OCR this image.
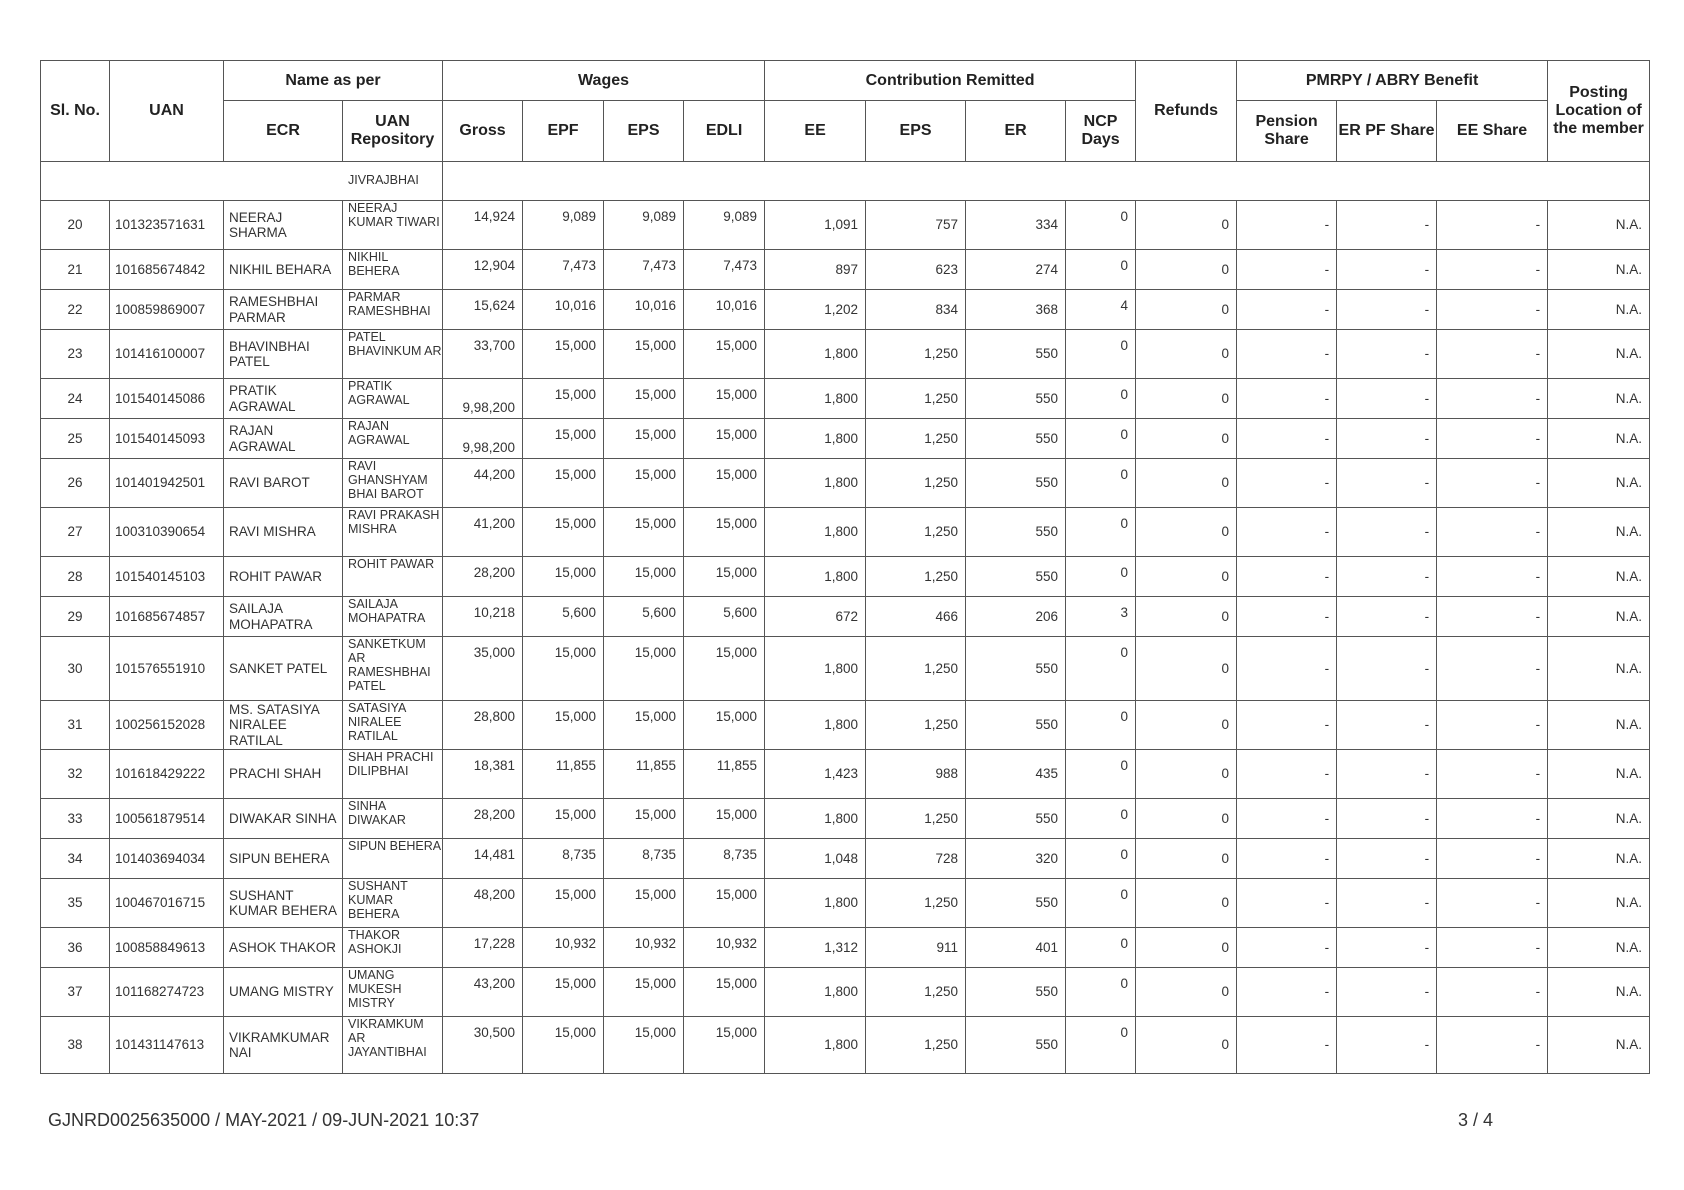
Sl. No.	UAN	Name as per		Wages				Contribution Remitted				Refunds	PMRPY / ABRY Benefit			Posting Location of the member
		ECR	UAN Repository	Gross	EPF	EPS	EDLI	EE	EPS	ER	NCP Days		Pension Share	ER PF Share	EE Share	
			JIVRAJBHAI													
20	101323571631	NEERAJ SHARMA	NEERAJ KUMAR TIWARI	14,924	9,089	9,089	9,089	1,091	757	334	0	0	-	-	-	N.A.
21	101685674842	NIKHIL BEHARA	NIKHIL BEHERA	12,904	7,473	7,473	7,473	897	623	274	0	0	-	-	-	N.A.
22	100859869007	RAMESHBHAI PARMAR	PARMAR RAMESHBHAI	15,624	10,016	10,016	10,016	1,202	834	368	4	0	-	-	-	N.A.
23	101416100007	BHAVINBHAI PATEL	PATEL BHAVINKUM AR	33,700	15,000	15,000	15,000	1,800	1,250	550	0	0	-	-	-	N.A.
24	101540145086	PRATIK AGRAWAL	PRATIK AGRAWAL	9,98,200	15,000	15,000	15,000	1,800	1,250	550	0	0	-	-	-	N.A.
25	101540145093	RAJAN AGRAWAL	RAJAN AGRAWAL	9,98,200	15,000	15,000	15,000	1,800	1,250	550	0	0	-	-	-	N.A.
26	101401942501	RAVI BAROT	RAVI GHANSHYAM BHAI BAROT	44,200	15,000	15,000	15,000	1,800	1,250	550	0	0	-	-	-	N.A.
27	100310390654	RAVI MISHRA	RAVI PRAKASH MISHRA	41,200	15,000	15,000	15,000	1,800	1,250	550	0	0	-	-	-	N.A.
28	101540145103	ROHIT PAWAR	ROHIT PAWAR	28,200	15,000	15,000	15,000	1,800	1,250	550	0	0	-	-	-	N.A.
29	101685674857	SAILAJA MOHAPATRA	SAILAJA MOHAPATRA	10,218	5,600	5,600	5,600	672	466	206	3	0	-	-	-	N.A.
30	101576551910	SANKET PATEL	SANKETKUM AR RAMESHBHAI PATEL	35,000	15,000	15,000	15,000	1,800	1,250	550	0	0	-	-	-	N.A.
31	100256152028	MS. SATASIYA NIRALEE RATILAL	SATASIYA NIRALEE RATILAL	28,800	15,000	15,000	15,000	1,800	1,250	550	0	0	-	-	-	N.A.
32	101618429222	PRACHI SHAH	SHAH PRACHI DILIPBHAI	18,381	11,855	11,855	11,855	1,423	988	435	0	0	-	-	-	N.A.
33	100561879514	DIWAKAR SINHA	SINHA DIWAKAR	28,200	15,000	15,000	15,000	1,800	1,250	550	0	0	-	-	-	N.A.
34	101403694034	SIPUN BEHERA	SIPUN BEHERA	14,481	8,735	8,735	8,735	1,048	728	320	0	0	-	-	-	N.A.
35	100467016715	SUSHANT KUMAR BEHERA	SUSHANT KUMAR BEHERA	48,200	15,000	15,000	15,000	1,800	1,250	550	0	0	-	-	-	N.A.
36	100858849613	ASHOK THAKOR	THAKOR ASHOKJI	17,228	10,932	10,932	10,932	1,312	911	401	0	0	-	-	-	N.A.
37	101168274723	UMANG MISTRY	UMANG MUKESH MISTRY	43,200	15,000	15,000	15,000	1,800	1,250	550	0	0	-	-	-	N.A.
38	101431147613	VIKRAMKUMAR NAI	VIKRAMKUM AR JAYANTIBHAI	30,500	15,000	15,000	15,000	1,800	1,250	550	0	0	-	-	-	N.A.
GJNRD0025635000 / MAY-2021 / 09-JUN-2021 10:37	3 / 4
